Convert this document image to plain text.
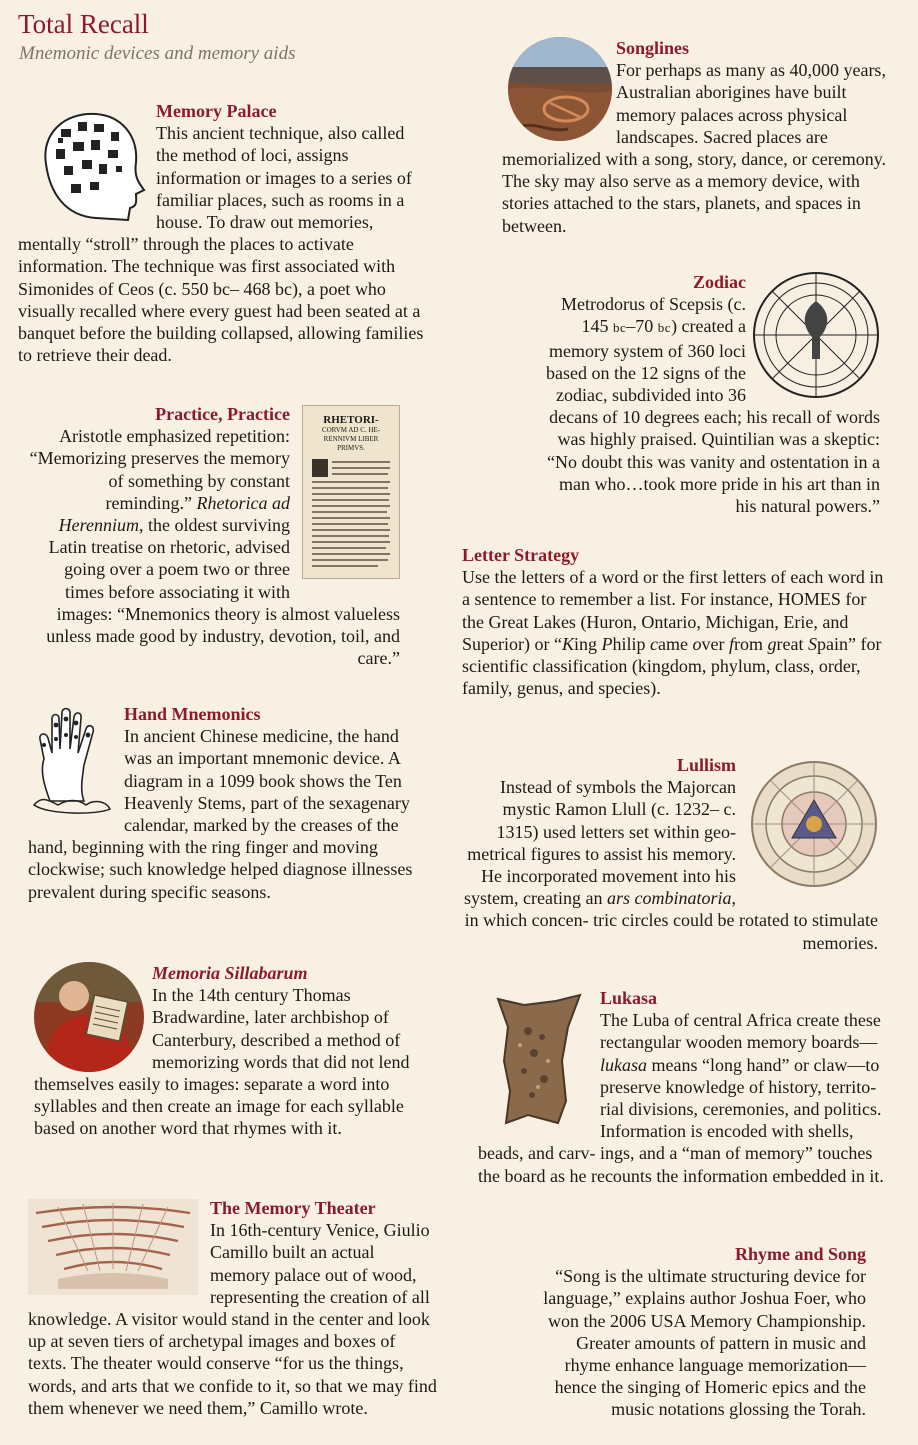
Total Recall
Mnemonic devices and memory aids
Memory Palace

This ancient technique, also called the method of loci, assigns information or images to a series of familiar places, such as rooms in a house. To draw out memories, mentally “stroll” through the places to activate information. The technique was first associated with Simonides of Ceos (c. 550 bc– 468 bc), a poet who visually recalled where every guest had been seated at a banquet before the building collapsed, allowing families to retrieve their dead.

RHETORI-
CORVM AD C. HE-
RENNIVM LIBER
PRIMVS.
Practice, Practice

Aristotle emphasized repetition: “Memorizing preserves the memory of something by constant reminding.” Rhetorica ad Herennium, the oldest surviving Latin treatise on rhetoric, advised going over a poem two or three times before associating it with images: “Mnemonics theory is almost valueless unless made good by industry, devotion, toil, and care.”

Hand Mnemonics

In ancient Chinese medicine, the hand was an important mnemonic device. A diagram in a 1099 book shows the Ten Heavenly Stems, part of the sexagenary calendar, marked by the creases of the hand, beginning with the ring finger and moving clockwise; such knowledge helped diagnose illnesses prevalent during specific seasons.

Memoria Sillabarum

In the 14th century Thomas Bradwardine, later archbishop of Canterbury, described a method of memorizing words that did not lend themselves easily to images: separate a word into syllables and then create an image for each syllable based on another word that rhymes with it.

The Memory Theater

In 16th-century Venice, Giulio Camillo built an actual memory palace out of wood, representing the creation of all knowledge. A visitor would stand in the center and look up at seven tiers of archetypal images and boxes of texts. The theater would conserve “for us the things, words, and arts that we confide to it, so that we may find them whenever we need them,” Camillo wrote.

Songlines

For perhaps as many as 40,000 years, Australian aborigines have built memory palaces across physical landscapes. Sacred places are memorialized with a song, story, dance, or ceremony. The sky may also serve as a memory device, with stories attached to the stars, planets, and spaces in between.

Zodiac

Metrodorus of Scepsis (c. 145 bc–70 bc) created a memory system of 360 loci based on the 12 signs of the zodiac, subdivided into 36 decans of 10 degrees each; his recall of words was highly praised. Quintilian was a skeptic: “No doubt this was vanity and ostentation in a man who…took more pride in his art than in his natural powers.”

Letter Strategy

Use the letters of a word or the first letters of each word in a sentence to remember a list. For instance, HOMES for the Great Lakes (Huron, Ontario, Michigan, Erie, and Superior) or “King Philip came over from great Spain” for scientific classification (kingdom, phylum, class, order, family, genus, and species).

Lullism

Instead of symbols the Majorcan mystic Ramon Llull (c. 1232– c. 1315) used letters set within geo- metrical figures to assist his memory. He incorporated movement into his system, creating an ars combinatoria, in which concen- tric circles could be rotated to stimulate memories.

Lukasa

The Luba of central Africa create these rectangular wooden memory boards—lukasa means “long hand” or claw—to preserve knowledge of history, territo- rial divisions, ceremonies, and politics. Information is encoded with shells, beads, and carv- ings, and a “man of memory” touches the board as he recounts the information embedded in it.

Rhyme and Song

“Song is the ultimate structuring device for language,” explains author Joshua Foer, who won the 2006 USA Memory Championship. Greater amounts of pattern in music and rhyme enhance language memorization— hence the singing of Homeric epics and the music notations glossing the Torah.
